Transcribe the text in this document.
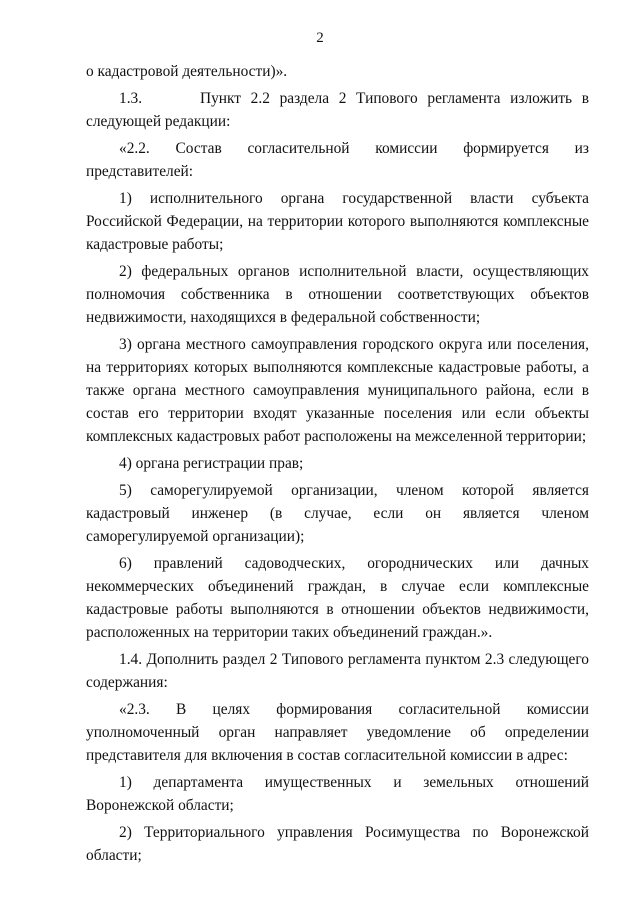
2

о кадастровой деятельности)».

1.3.      Пункт 2.2 раздела 2 Типового регламента изложить в следующей редакции:

«2.2. Состав согласительной комиссии формируется из представителей:

1) исполнительного органа государственной власти субъекта Российской Федерации, на территории которого выполняются комплексные кадастровые работы;

2) федеральных органов исполнительной власти, осуществляющих полномочия собственника в отношении соответствующих объектов недвижимости, находящихся в федеральной собственности;

3) органа местного самоуправления городского округа или поселения, на территориях которых выполняются комплексные кадастровые работы, а также органа местного самоуправления муниципального района, если в состав его территории входят указанные поселения или если объекты комплексных кадастровых работ расположены на межселенной территории;

4) органа регистрации прав;

5) саморегулируемой организации, членом которой является кадастровый инженер (в случае, если он является членом саморегулируемой организации);

6) правлений садоводческих, огороднических или дачных некоммерческих объединений граждан, в случае если комплексные кадастровые работы выполняются в отношении объектов недвижимости, расположенных на территории таких объединений граждан.».

1.4. Дополнить раздел 2 Типового регламента пунктом 2.3 следующего содержания:

«2.3. В целях формирования согласительной комиссии уполномоченный орган направляет уведомление об определении представителя для включения в состав согласительной комиссии в адрес:

1) департамента имущественных и земельных отношений Воронежской области;

2) Территориального управления Росимущества по Воронежской области;
